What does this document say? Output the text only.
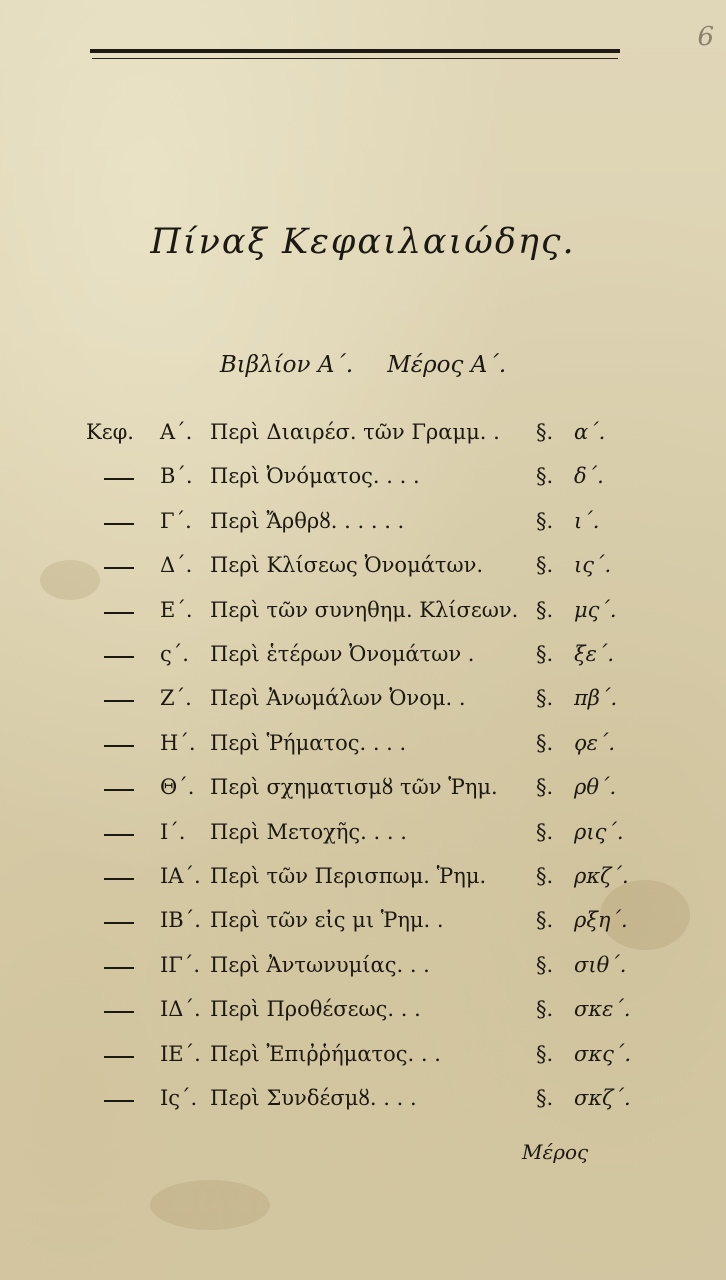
6
Πίναξ Κεφαιλαιώδης.
Βιβλίον Α΄. Μέρος Α΄.
Κεφ.	Α΄. Περὶ Διαιρέσ. τῶν Γραμμ. .	§. α΄.
Β΄. Περὶ Ὀνόματος. . . .	§. δ΄.
Γ΄. Περὶ Ἄρθρȣ. . . . . .	§. ι΄.
Δ΄. Περὶ Κλίσεως Ὀνομάτων.	§. ις΄.
Ε΄. Περὶ τῶν συνηθημ. Κλίσεων. §. μς΄.
ς΄.	Περὶ ἑτέρων Ὀνομάτων .	§. ξε΄.
Ζ΄. Περὶ Ἀνωμάλων Ὀνομ. .	§. πβ΄.
Η΄. Περὶ Ῥήματος. . . .	§. ϙε΄.
Θ΄. Περὶ σχηματισμȣ τῶν Ῥημ.	§. ρθ΄.
Ι΄.	Περὶ Μετοχῆς. . . .	§. ρις΄.
ΙΑ΄. Περὶ τῶν Περισπωμ. Ῥημ.	§. ρκζ΄.
ΙΒ΄. Περὶ τῶν εἰς μι Ῥημ. .	§. ρξη΄.
ΙΓ΄. Περὶ Ἀντωνυμίας. . .	§. σιθ΄.
ΙΔ΄. Περὶ Προθέσεως. . .	§. σκε΄.
ΙΕ΄. Περὶ Ἐπιῤῥήματος. . .	§. σκς΄.
Ις΄. Περὶ Συνδέσμȣ. . . .	§. σκζ΄.
Μέρος
